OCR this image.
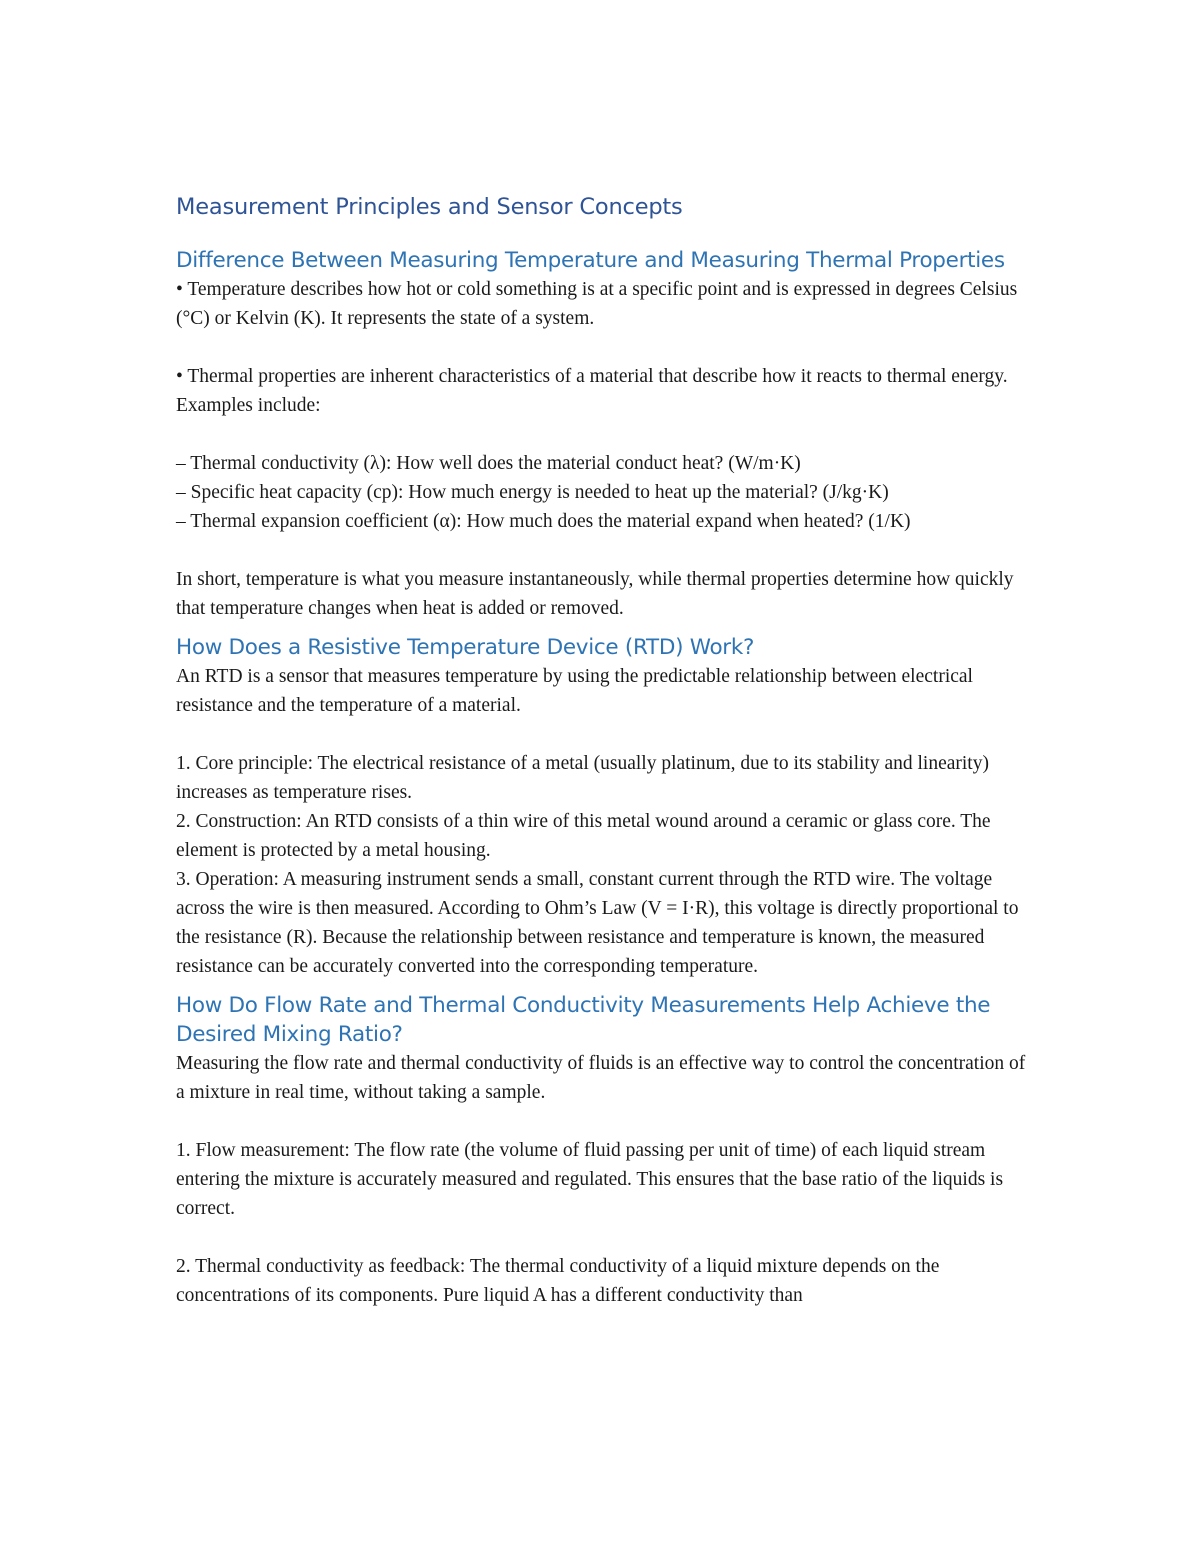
Measurement Principles and Sensor Concepts
Difference Between Measuring Temperature and Measuring Thermal Properties

• Temperature describes how hot or cold something is at a specific point and is expressed in degrees Celsius (°C) or Kelvin (K). It represents the state of a system.

• Thermal properties are inherent characteristics of a material that describe how it reacts to thermal energy. Examples include:

– Thermal conductivity (λ): How well does the material conduct heat? (W/m·K)

– Specific heat capacity (cp): How much energy is needed to heat up the material? (J/kg·K)

– Thermal expansion coefficient (α): How much does the material expand when heated? (1/K)

In short, temperature is what you measure instantaneously, while thermal properties determine how quickly that temperature changes when heat is added or removed.

How Does a Resistive Temperature Device (RTD) Work?

An RTD is a sensor that measures temperature by using the predictable relationship between electrical resistance and the temperature of a material.

1. Core principle: The electrical resistance of a metal (usually platinum, due to its stability and linearity) increases as temperature rises.

2. Construction: An RTD consists of a thin wire of this metal wound around a ceramic or glass core. The element is protected by a metal housing.

3. Operation: A measuring instrument sends a small, constant current through the RTD wire. The voltage across the wire is then measured. According to Ohm’s Law (V = I·R), this voltage is directly proportional to the resistance (R). Because the relationship between resistance and temperature is known, the measured resistance can be accurately converted into the corresponding temperature.

How Do Flow Rate and Thermal Conductivity Measurements Help Achieve the Desired Mixing Ratio?

Measuring the flow rate and thermal conductivity of fluids is an effective way to control the concentration of a mixture in real time, without taking a sample.

1. Flow measurement: The flow rate (the volume of fluid passing per unit of time) of each liquid stream entering the mixture is accurately measured and regulated. This ensures that the base ratio of the liquids is correct.

2. Thermal conductivity as feedback: The thermal conductivity of a liquid mixture depends on the concentrations of its components. Pure liquid A has a different conductivity than
